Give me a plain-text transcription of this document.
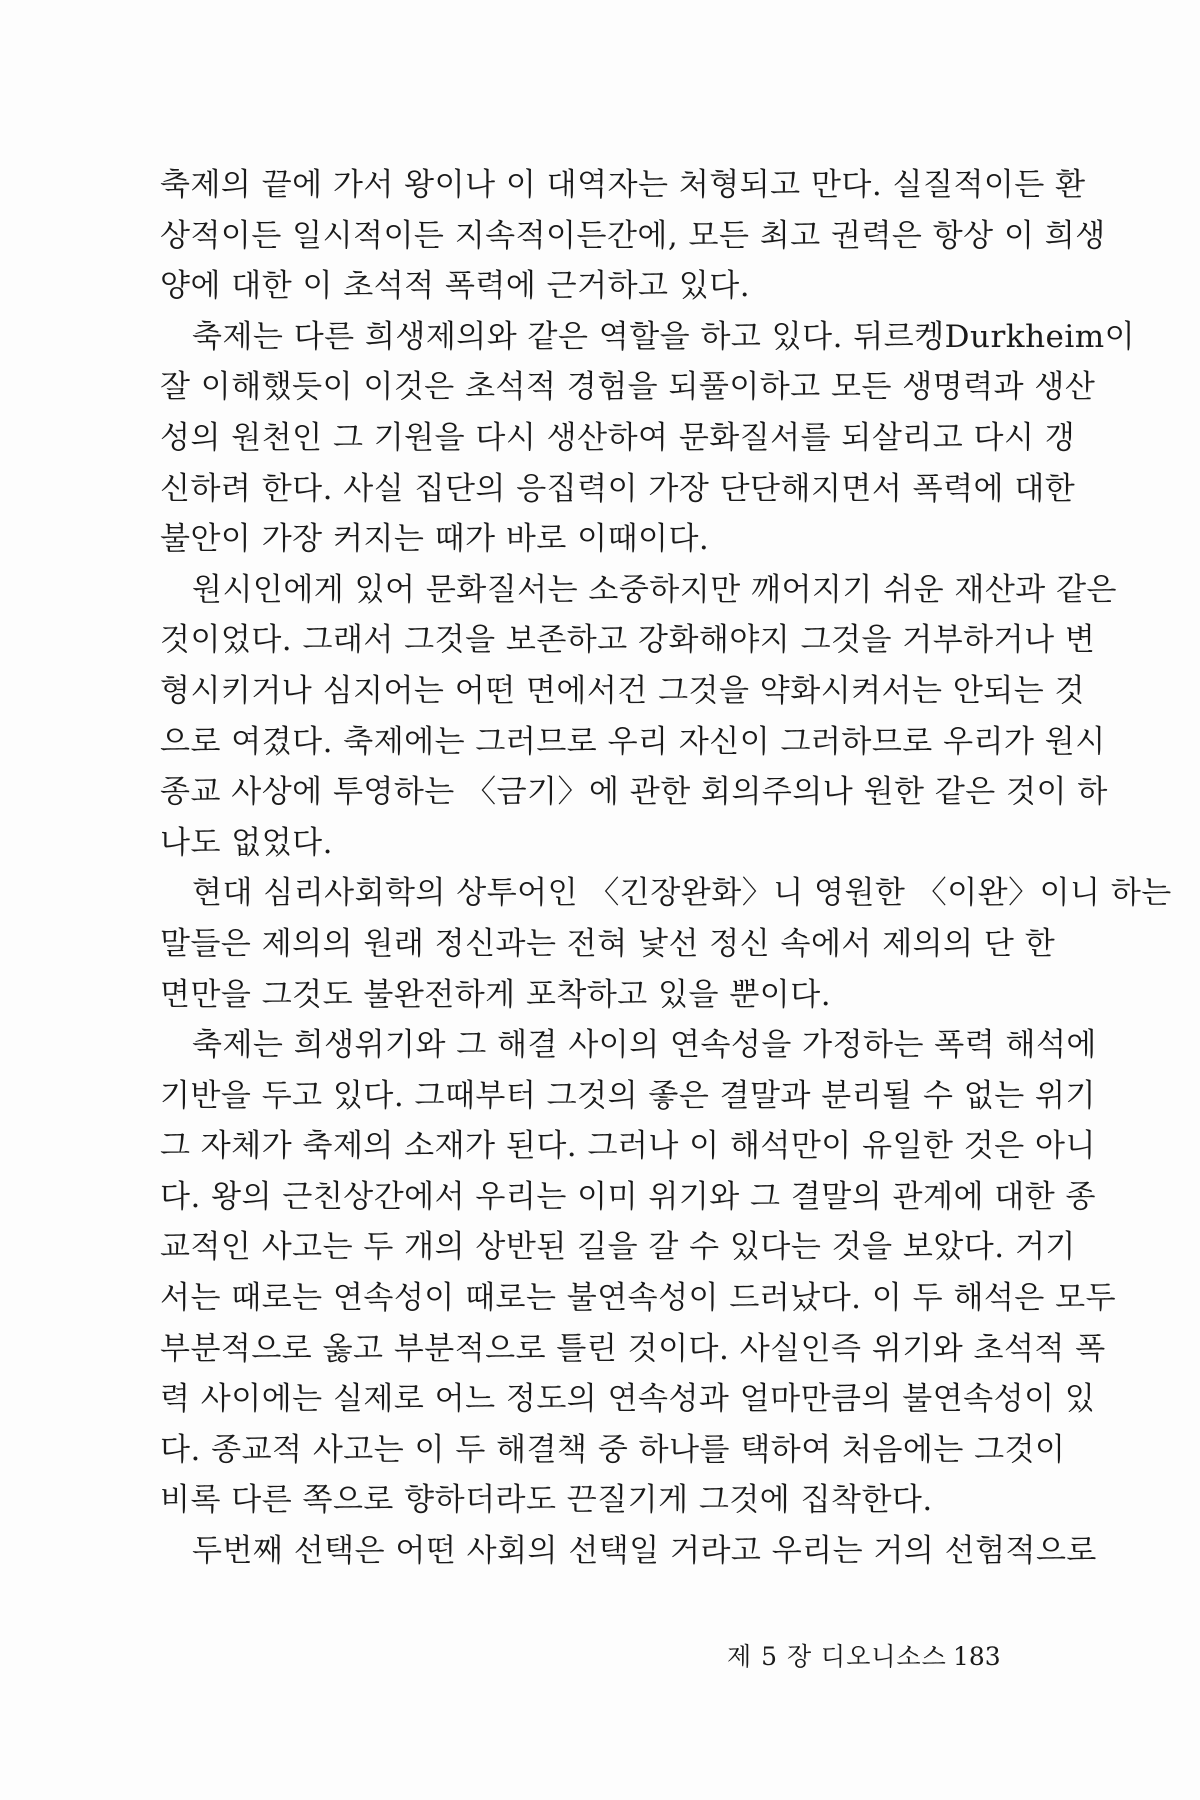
축제의 끝에 가서 왕이나 이 대역자는 처형되고 만다. 실질적이든 환
상적이든 일시적이든 지속적이든간에, 모든 최고 권력은 항상 이 희생
양에 대한 이 초석적 폭력에 근거하고 있다.
축제는 다른 희생제의와 같은 역할을 하고 있다. 뒤르켕Durkheim이
잘 이해했듯이 이것은 초석적 경험을 되풀이하고 모든 생명력과 생산
성의 원천인 그 기원을 다시 생산하여 문화질서를 되살리고 다시 갱
신하려 한다. 사실 집단의 응집력이 가장 단단해지면서 폭력에 대한
불안이 가장 커지는 때가 바로 이때이다.
원시인에게 있어 문화질서는 소중하지만 깨어지기 쉬운 재산과 같은
것이었다. 그래서 그것을 보존하고 강화해야지 그것을 거부하거나 변
형시키거나 심지어는 어떤 면에서건 그것을 약화시켜서는 안되는 것
으로 여겼다. 축제에는 그러므로 우리 자신이 그러하므로 우리가 원시
종교 사상에 투영하는 〈금기〉에 관한 회의주의나 원한 같은 것이 하
나도 없었다.
현대 심리사회학의 상투어인 〈긴장완화〉니 영원한 〈이완〉이니 하는
말들은 제의의 원래 정신과는 전혀 낯선 정신 속에서 제의의 단 한
면만을 그것도 불완전하게 포착하고 있을 뿐이다.
축제는 희생위기와 그 해결 사이의 연속성을 가정하는 폭력 해석에
기반을 두고 있다. 그때부터 그것의 좋은 결말과 분리될 수 없는 위기
그 자체가 축제의 소재가 된다. 그러나 이 해석만이 유일한 것은 아니
다. 왕의 근친상간에서 우리는 이미 위기와 그 결말의 관계에 대한 종
교적인 사고는 두 개의 상반된 길을 갈 수 있다는 것을 보았다. 거기
서는 때로는 연속성이 때로는 불연속성이 드러났다. 이 두 해석은 모두
부분적으로 옳고 부분적으로 틀린 것이다. 사실인즉 위기와 초석적 폭
력 사이에는 실제로 어느 정도의 연속성과 얼마만큼의 불연속성이 있
다. 종교적 사고는 이 두 해결책 중 하나를 택하여 처음에는 그것이
비록 다른 쪽으로 향하더라도 끈질기게 그것에 집착한다.
두번째 선택은 어떤 사회의 선택일 거라고 우리는 거의 선험적으로
제 5 장 디오니소스 183
